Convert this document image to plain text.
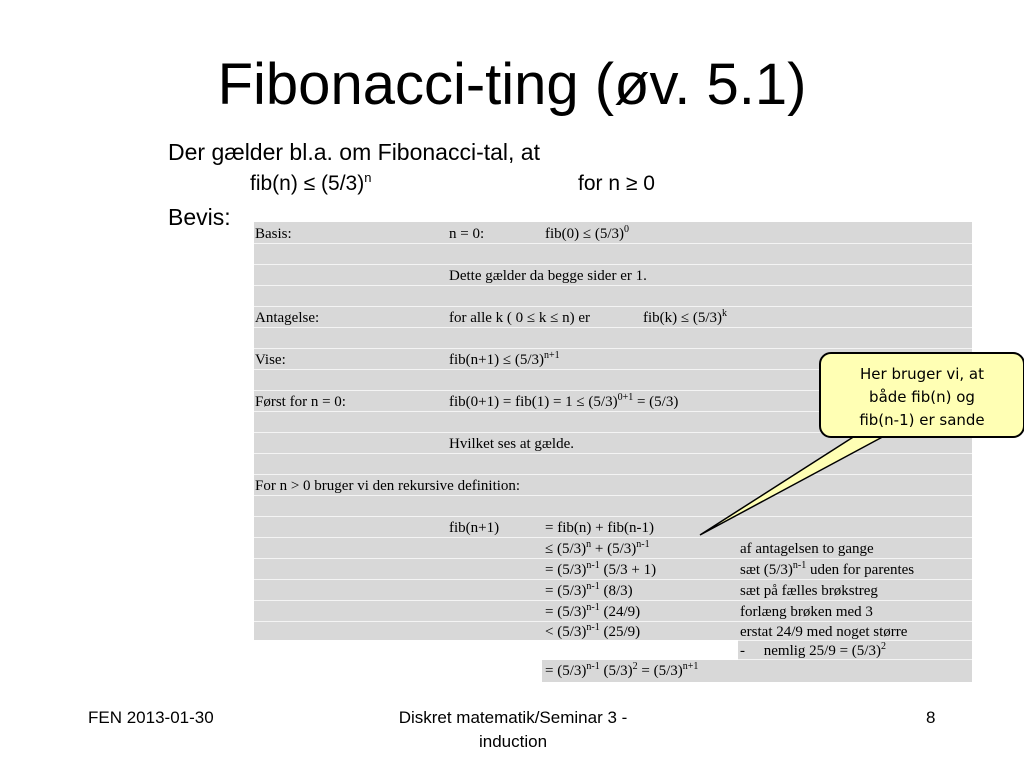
Fibonacci-ting (øv. 5.1)
Der gælder bl.a. om Fibonacci-tal, at
$fib(n) \le (5/3)^n$	for n ≥ 0
Bevis:
Basis:	n = 0:	$fib(0) \le (5/3)^0$
Dette gælder da begge sider er 1.
Antagelse:	for alle k ( 0 ≤ k ≤ n) er	$fib(k) \le (5/3)^k$
Vise:	$fib(n+1) \le (5/3)^{n+1}$
Først for n = 0:	$fib(0+1) = fib(1) = 1 \le (5/3)^{0+1} = (5/3)$
Hvilket ses at gælde.
For n > 0 bruger vi den rekursive definition:
fib(n+1)	= fib(n) + fib(n-1)
≤ $(5/3)^n + (5/3)^{n-1}$	af antagelsen to gange
= $(5/3)^{n-1}$ (5/3 + 1)	sæt $(5/3)^{n-1}$ uden for parentes
= $(5/3)^{n-1}$ (8/3)	sæt på fælles brøkstreg
= $(5/3)^{n-1}$ (24/9)	forlæng brøken med 3
< $(5/3)^{n-1}$ (25/9)	erstat 24/9 med noget større
-     nemlig $25/9 = (5/3)^2$
= $(5/3)^{n-1}$ $(5/3)^2 = (5/3)^{n+1}$
Her bruger vi, at
både fib(n) og
fib(n-1) er sande
FEN 2013-01-30	Diskret matematik/Seminar 3 -
induction
8
